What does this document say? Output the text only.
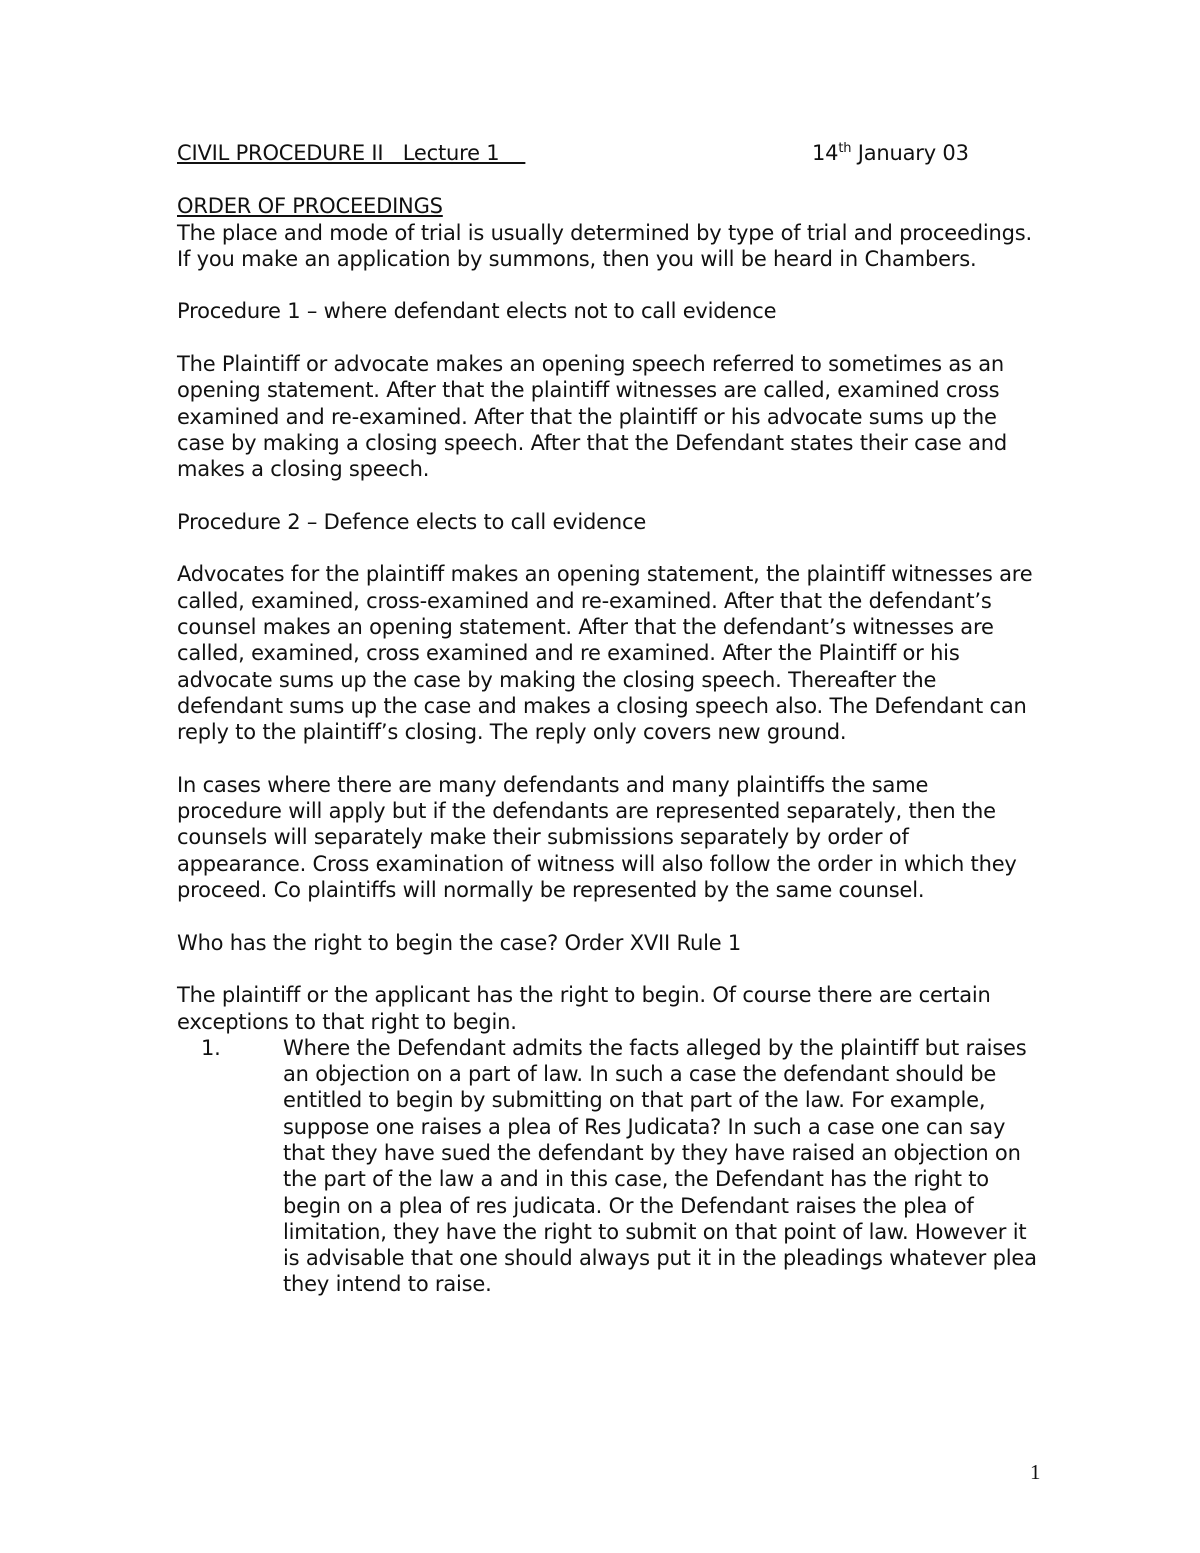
CIVIL PROCEDURE II   Lecture 1	14th January 03

ORDER OF PROCEEDINGS

The place and mode of trial is usually determined by type of trial and proceedings. If you make an application by summons, then you will be heard in Chambers.

Procedure 1 – where defendant elects not to call evidence

The Plaintiff or advocate makes an opening speech referred to sometimes as an opening statement. After that the plaintiff witnesses are called, examined cross examined and re-examined. After that the plaintiff or his advocate sums up the case by making a closing speech. After that the Defendant states their case and makes a closing speech.

Procedure 2 – Defence elects to call evidence

Advocates for the plaintiff makes an opening statement, the plaintiff witnesses are called, examined, cross-examined and re-examined. After that the defendant’s counsel makes an opening statement. After that the defendant’s witnesses are called, examined, cross examined and re examined. After the Plaintiff or his advocate sums up the case by making the closing speech. Thereafter the defendant sums up the case and makes a closing speech also. The Defendant can reply to the plaintiff’s closing. The reply only covers new ground.

In cases where there are many defendants and many plaintiffs the same procedure will apply but if the defendants are represented separately, then the counsels will separately make their submissions separately by order of appearance. Cross examination of witness will also follow the order in which they proceed. Co plaintiffs will normally be represented by the same counsel.

Who has the right to begin the case? Order XVII Rule 1

The plaintiff or the applicant has the right to begin. Of course there are certain exceptions to that right to begin.

1.	Where the Defendant admits the facts alleged by the plaintiff but raises an objection on a part of law. In such a case the defendant should be entitled to begin by submitting on that part of the law. For example, suppose one raises a plea of Res Judicata? In such a case one can say that they have sued the defendant by they have raised an objection on the part of the law a and in this case, the Defendant has the right to begin on a plea of res judicata. Or the Defendant raises the plea of limitation, they have the right to submit on that point of law. However it is advisable that one should always put it in the pleadings whatever plea they intend to raise.
1
